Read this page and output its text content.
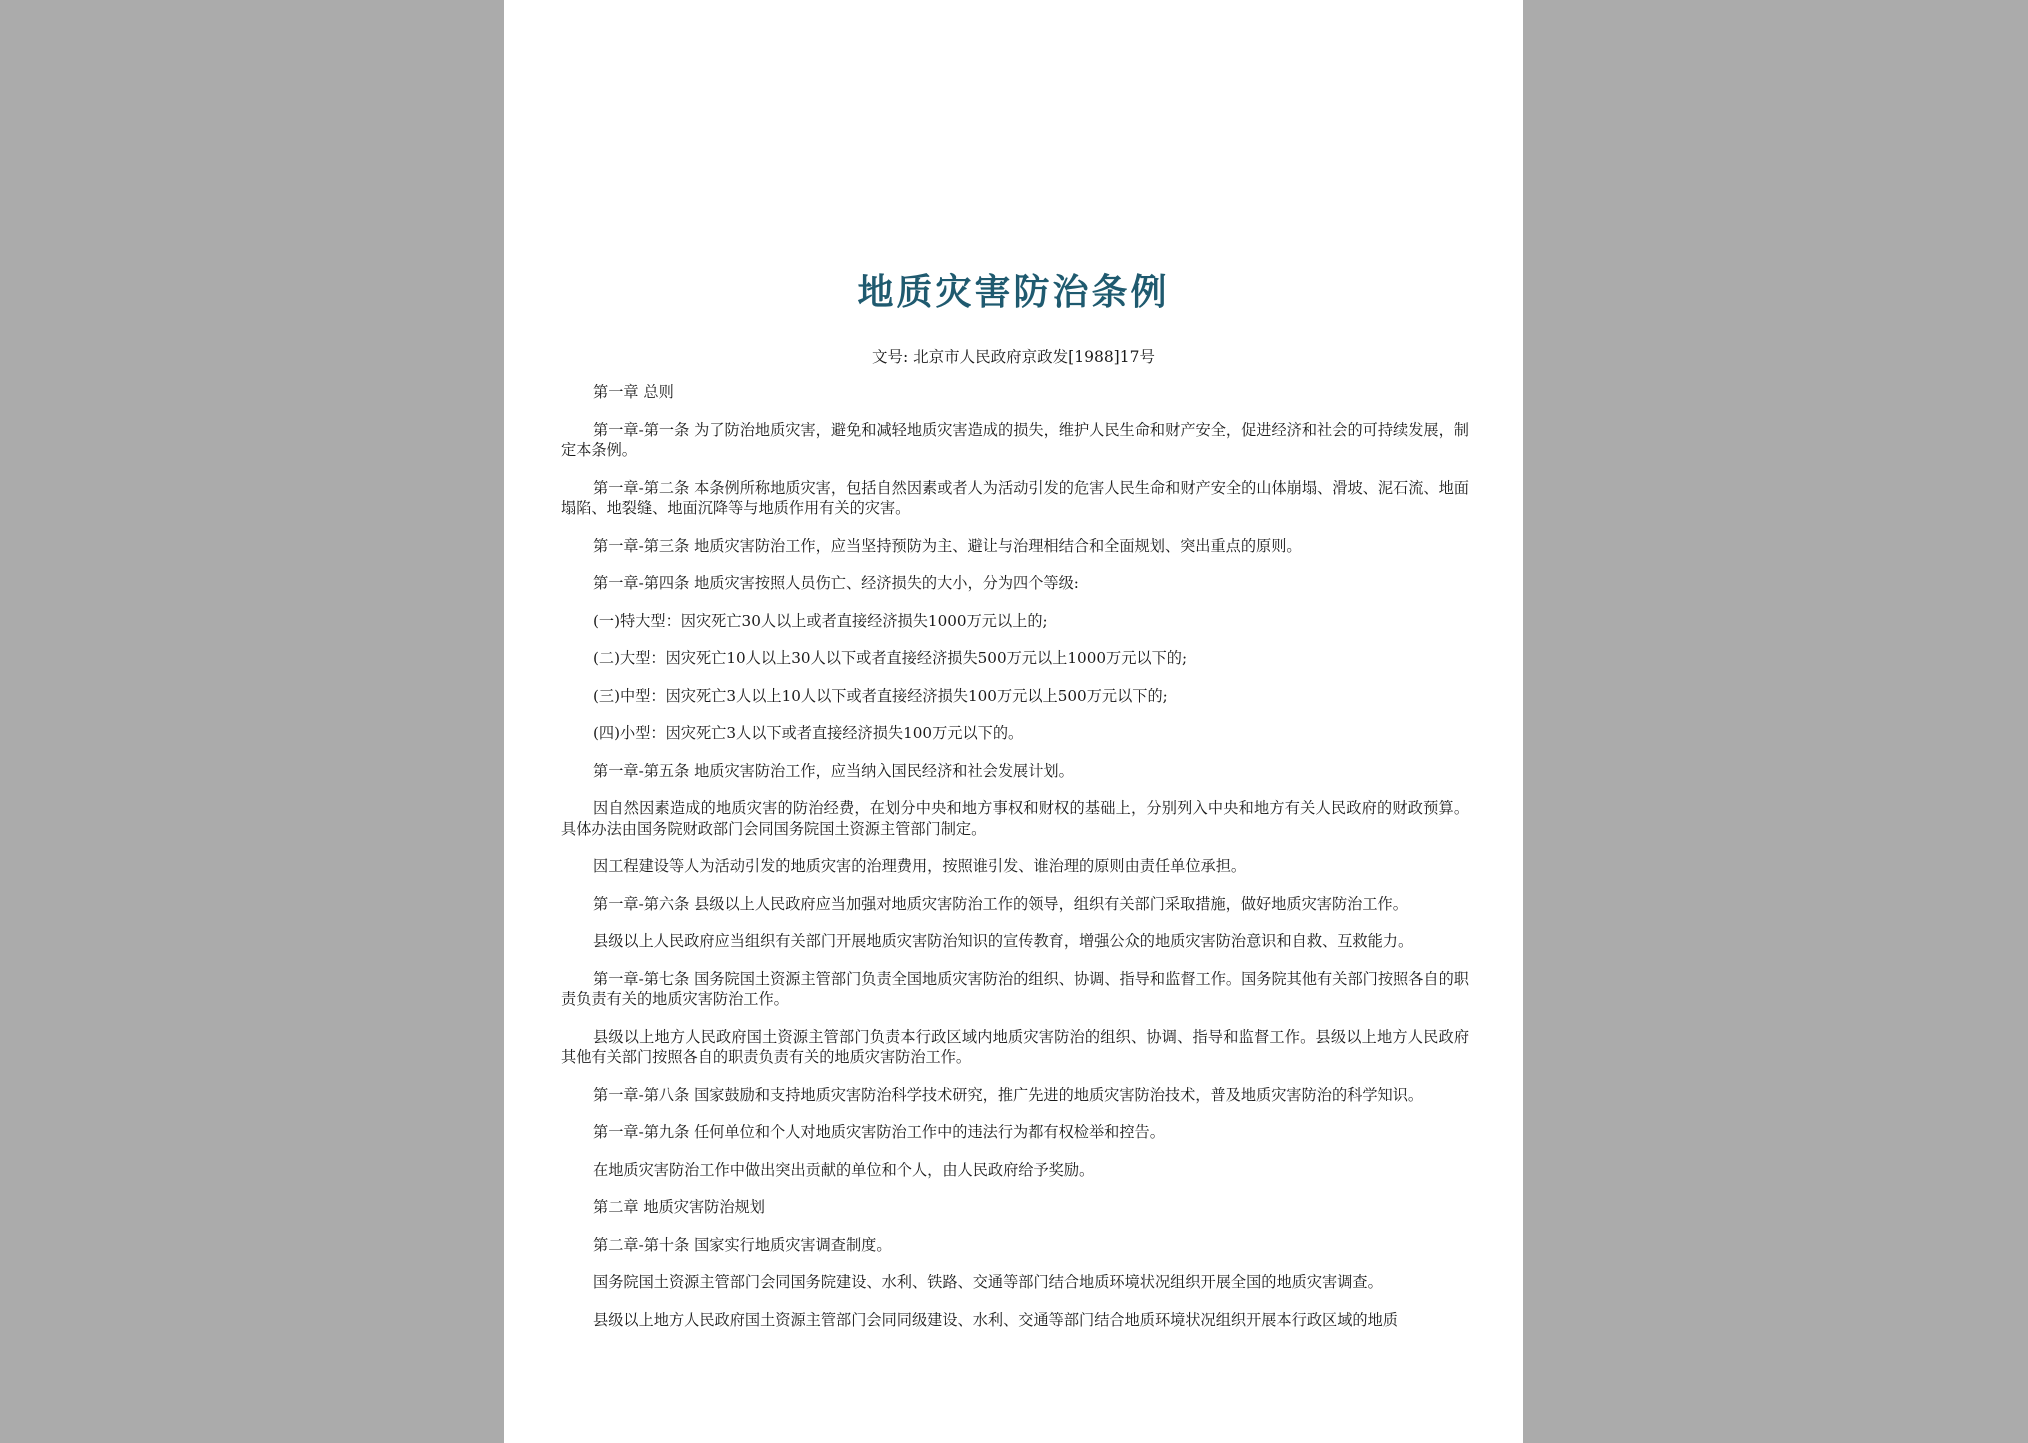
地质灾害防治条例
文号: 北京市人民政府京政发[1988]17号

第一章 总则

第一章-第一条 为了防治地质灾害，避免和减轻地质灾害造成的损失，维护人民生命和财产安全，促进经济和社会的可持续发展，制定本条例。

第一章-第二条 本条例所称地质灾害，包括自然因素或者人为活动引发的危害人民生命和财产安全的山体崩塌、滑坡、泥石流、地面塌陷、地裂缝、地面沉降等与地质作用有关的灾害。

第一章-第三条 地质灾害防治工作，应当坚持预防为主、避让与治理相结合和全面规划、突出重点的原则。

第一章-第四条 地质灾害按照人员伤亡、经济损失的大小，分为四个等级:

(一)特大型：因灾死亡30人以上或者直接经济损失1000万元以上的;

(二)大型：因灾死亡10人以上30人以下或者直接经济损失500万元以上1000万元以下的;

(三)中型：因灾死亡3人以上10人以下或者直接经济损失100万元以上500万元以下的;

(四)小型：因灾死亡3人以下或者直接经济损失100万元以下的。

第一章-第五条 地质灾害防治工作，应当纳入国民经济和社会发展计划。

因自然因素造成的地质灾害的防治经费，在划分中央和地方事权和财权的基础上，分别列入中央和地方有关人民政府的财政预算。具体办法由国务院财政部门会同国务院国土资源主管部门制定。

因工程建设等人为活动引发的地质灾害的治理费用，按照谁引发、谁治理的原则由责任单位承担。

第一章-第六条 县级以上人民政府应当加强对地质灾害防治工作的领导，组织有关部门采取措施，做好地质灾害防治工作。

县级以上人民政府应当组织有关部门开展地质灾害防治知识的宣传教育，增强公众的地质灾害防治意识和自救、互救能力。

第一章-第七条 国务院国土资源主管部门负责全国地质灾害防治的组织、协调、指导和监督工作。国务院其他有关部门按照各自的职责负责有关的地质灾害防治工作。

县级以上地方人民政府国土资源主管部门负责本行政区域内地质灾害防治的组织、协调、指导和监督工作。县级以上地方人民政府其他有关部门按照各自的职责负责有关的地质灾害防治工作。

第一章-第八条 国家鼓励和支持地质灾害防治科学技术研究，推广先进的地质灾害防治技术，普及地质灾害防治的科学知识。

第一章-第九条 任何单位和个人对地质灾害防治工作中的违法行为都有权检举和控告。

在地质灾害防治工作中做出突出贡献的单位和个人，由人民政府给予奖励。

第二章 地质灾害防治规划

第二章-第十条 国家实行地质灾害调查制度。

国务院国土资源主管部门会同国务院建设、水利、铁路、交通等部门结合地质环境状况组织开展全国的地质灾害调查。

县级以上地方人民政府国土资源主管部门会同同级建设、水利、交通等部门结合地质环境状况组织开展本行政区域的地质
